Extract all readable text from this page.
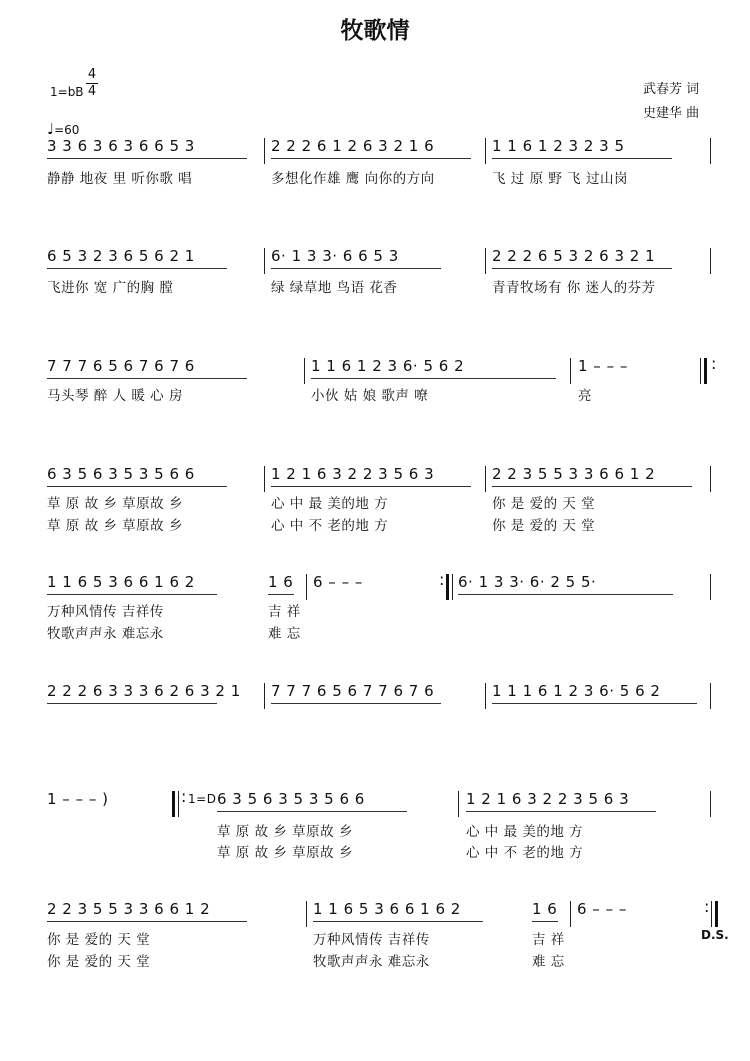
牧歌情
武春芳 词
史建华 曲
1=bB
4
4
♩=60
3 3 6 3 6 3 6 6 5 3	2 2 2 6 1 2 6 3 2 1 6	1 1 6 1 2 3 2 3 5
静静 地夜 里 听你歌 唱	多想化作雄 鹰 向你的方向	飞 过 原 野 飞 过山岗
6 5 3 2 3 6 5 6 2 1	6· 1 3 3· 6 6 5 3	2 2 2 6 5 3 2 6 3 2 1
飞进你 宽 广的胸 膛	绿 绿草地 鸟语 花香	青青牧场有 你 迷人的芬芳
7 7 7 6 5 6 7 6 7 6	1 1 6 1 2 3 6· 5 6 2	1 – – –	:
马头琴 醉 人 暖 心 房	小伙 姑 娘 歌声 嘹	亮
6 3 5 6 3 5 3 5 6 6	1 2 1 6 3 2 2 3 5 6 3	2 2 3 5 5 3 3 6 6 1 2
草 原 故 乡 草原故 乡	心 中 最 美的地 方	你 是 爱的 天 堂
草 原 故 乡 草原故 乡	心 中 不 老的地 方	你 是 爱的 天 堂
1 1 6 5 3 6 6 1 6 2	1 6 6 – – –	: 6· 1 3 3· 6· 2 5 5·
万种风情传 吉祥传	吉 祥
牧歌声声永 难忘永	难 忘
2 2 2 6 3 3 3 6 2 6 3 2 1 7 7 7 6 5 6 7 7 6 7 6	1 1 1 6 1 2 3 6· 5 6 2
1 – – – )	: 1=D 6 3 5 6 3 5 3 5 6 6	1 2 1 6 3 2 2 3 5 6 3
草 原 故 乡 草原故 乡	心 中 最 美的地 方
草 原 故 乡 草原故 乡	心 中 不 老的地 方
2 2 3 5 5 3 3 6 6 1 2	1 1 6 5 3 6 6 1 6 2	1 6 6 – – –	:
D.S.
你 是 爱的 天 堂	万种风情传 吉祥传	吉 祥
你 是 爱的 天 堂	牧歌声声永 难忘永	难 忘
